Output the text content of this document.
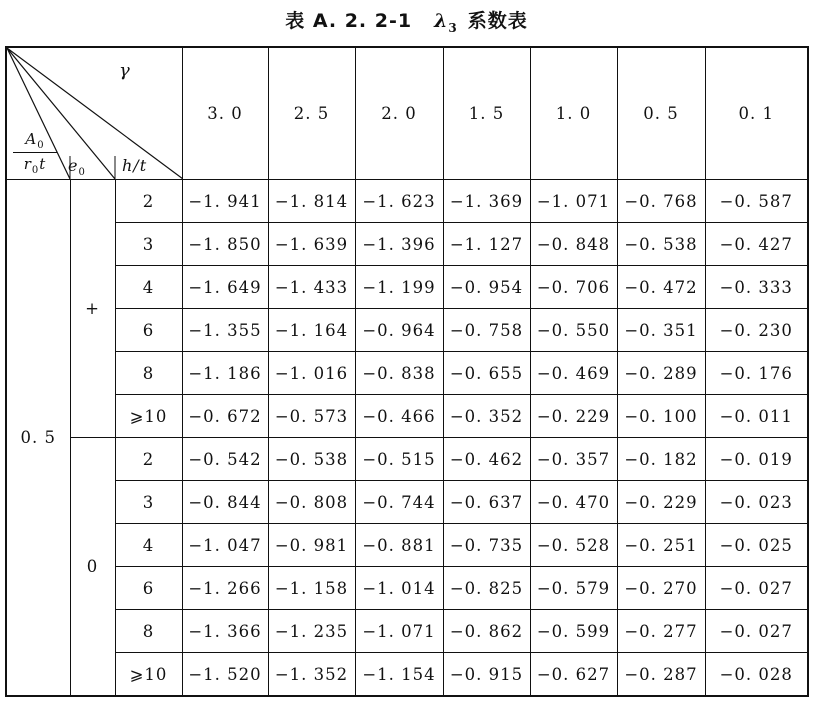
表 A. 2. 2-1 $\lambda_3$ 系数表
γ
$\frac{A_0}{r_0t} e_0$ h/t			3. 0	2. 5	2. 0	1. 5	1. 0	0. 5	0. 1
0. 5	+	2	−1. 941	−1. 814	−1. 623	−1. 369	−1. 071	−0. 768	−0. 587
		3	−1. 850	−1. 639	−1. 396	−1. 127	−0. 848	−0. 538	−0. 427
		4	−1. 649	−1. 433	−1. 199	−0. 954	−0. 706	−0. 472	−0. 333
		6	−1. 355	−1. 164	−0. 964	−0. 758	−0. 550	−0. 351	−0. 230
		8	−1. 186	−1. 016	−0. 838	−0. 655	−0. 469	−0. 289	−0. 176
		⩾10	−0. 672	−0. 573	−0. 466	−0. 352	−0. 229	−0. 100	−0. 011
	0	2	−0. 542	−0. 538	−0. 515	−0. 462	−0. 357	−0. 182	−0. 019
		3	−0. 844	−0. 808	−0. 744	−0. 637	−0. 470	−0. 229	−0. 023
		4	−1. 047	−0. 981	−0. 881	−0. 735	−0. 528	−0. 251	−0. 025
		6	−1. 266	−1. 158	−1. 014	−0. 825	−0. 579	−0. 270	−0. 027
		8	−1. 366	−1. 235	−1. 071	−0. 862	−0. 599	−0. 277	−0. 027
		⩾10	−1. 520	−1. 352	−1. 154	−0. 915	−0. 627	−0. 287	−0. 028
